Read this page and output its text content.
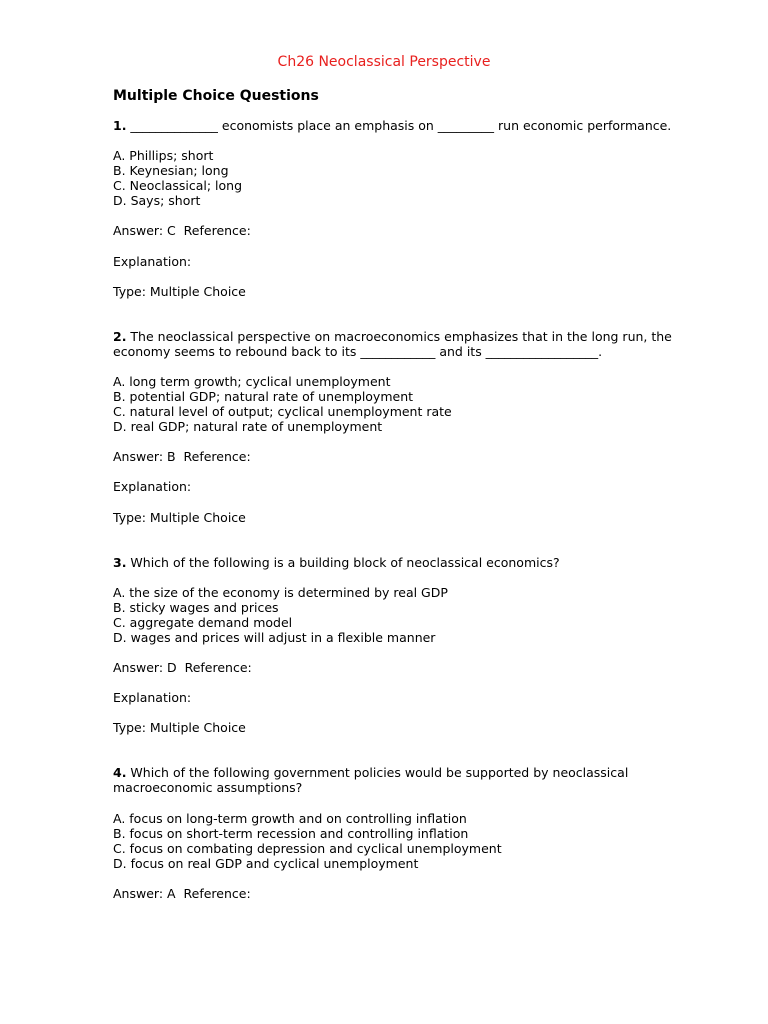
Ch26 Neoclassical Perspective
Multiple Choice Questions

1. ______________ economists place an emphasis on _________ run economic performance.

A. Phillips; short

B. Keynesian; long

C. Neoclassical; long

D. Says; short

Answer: C  Reference:

Explanation:

Type: Multiple Choice

2. The neoclassical perspective on macroeconomics emphasizes that in the long run, the economy seems to rebound back to its ____________ and its __________________.

A. long term growth; cyclical unemployment

B. potential GDP; natural rate of unemployment

C. natural level of output; cyclical unemployment rate

D. real GDP; natural rate of unemployment

Answer: B  Reference:

Explanation:

Type: Multiple Choice

3. Which of the following is a building block of neoclassical economics?

A. the size of the economy is determined by real GDP

B. sticky wages and prices

C. aggregate demand model

D. wages and prices will adjust in a flexible manner

Answer: D  Reference:

Explanation:

Type: Multiple Choice

4. Which of the following government policies would be supported by neoclassical macroeconomic assumptions?

A. focus on long-term growth and on controlling inflation

B. focus on short-term recession and controlling inflation

C. focus on combating depression and cyclical unemployment

D. focus on real GDP and cyclical unemployment

Answer: A  Reference:
